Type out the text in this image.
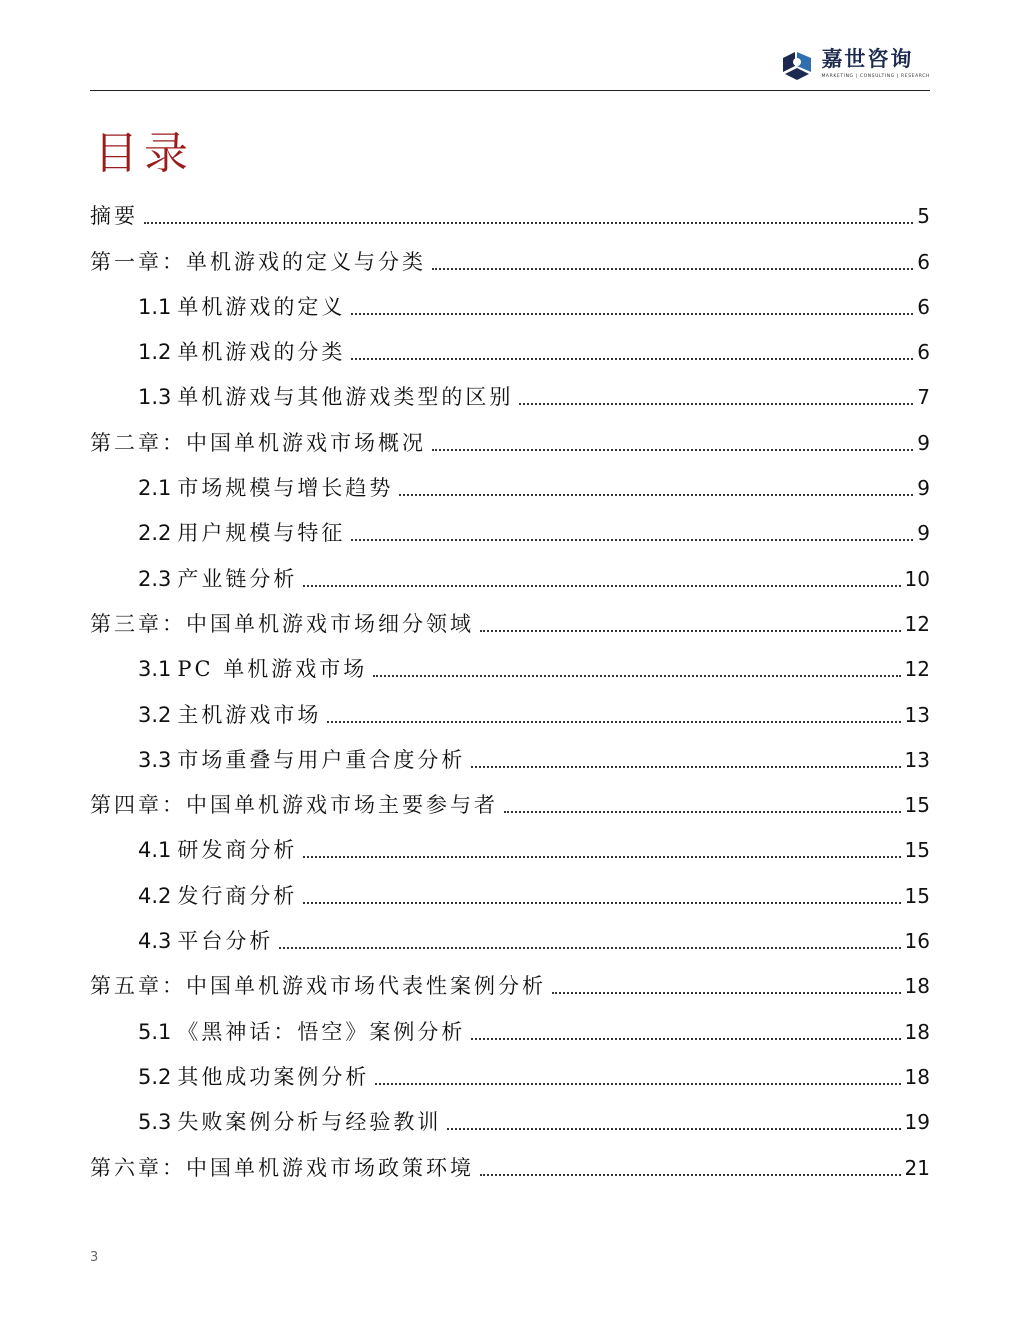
嘉世咨询
MARKETING | CONSULTING | RESEARCH
目录
摘要	5
第一章：单机游戏的定义与分类	6
1.1 单机游戏的定义	6
1.2 单机游戏的分类	6
1.3 单机游戏与其他游戏类型的区别	7
第二章：中国单机游戏市场概况	9
2.1 市场规模与增长趋势	9
2.2 用户规模与特征	9
2.3 产业链分析	10
第三章：中国单机游戏市场细分领域	12
3.1 PC 单机游戏市场	12
3.2 主机游戏市场	13
3.3 市场重叠与用户重合度分析	13
第四章：中国单机游戏市场主要参与者	15
4.1 研发商分析	15
4.2 发行商分析	15
4.3 平台分析	16
第五章：中国单机游戏市场代表性案例分析	18
5.1 《黑神话：悟空》案例分析	18
5.2 其他成功案例分析	18
5.3 失败案例分析与经验教训	19
第六章：中国单机游戏市场政策环境	21
3
